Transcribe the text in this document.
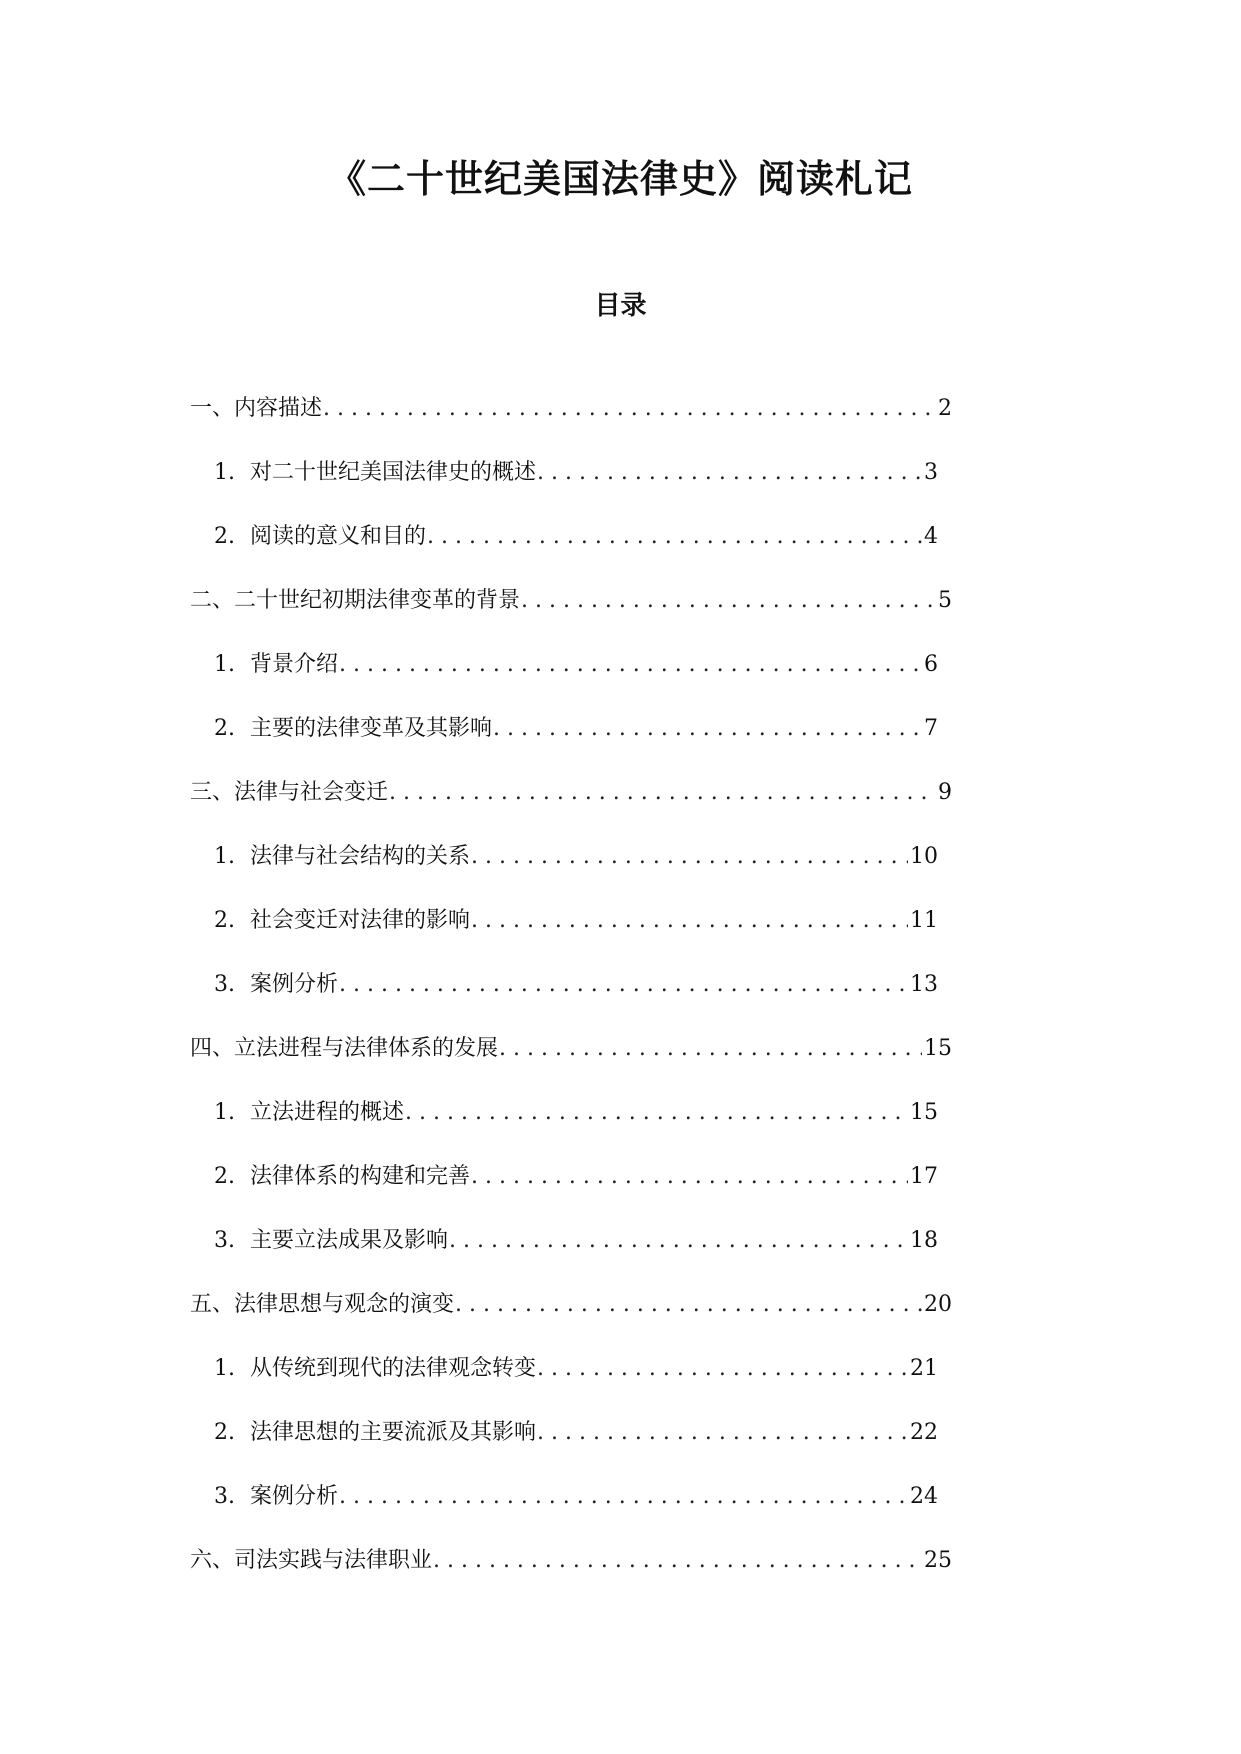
《二十世纪美国法律史》阅读札记
目录
一、内容描述 . . .	2
1. 对二十世纪美国法律史的概述 . . .	3
2. 阅读的意义和目的 . . .	4
二、二十世纪初期法律变革的背景 . . .	5
1. 背景介绍 . . .	6
2. 主要的法律变革及其影响 . . .	7
三、法律与社会变迁 . . .	9
1. 法律与社会结构的关系 . . .	10
2. 社会变迁对法律的影响 . . .	11
3. 案例分析 . . .	13
四、立法进程与法律体系的发展 . . .	15
1. 立法进程的概述 . . .	15
2. 法律体系的构建和完善 . . .	17
3. 主要立法成果及影响 . . .	18
五、法律思想与观念的演变 . . .	20
1. 从传统到现代的法律观念转变 . . .	21
2. 法律思想的主要流派及其影响 . . .	22
3. 案例分析 . . .	24
六、司法实践与法律职业 . . .	25
